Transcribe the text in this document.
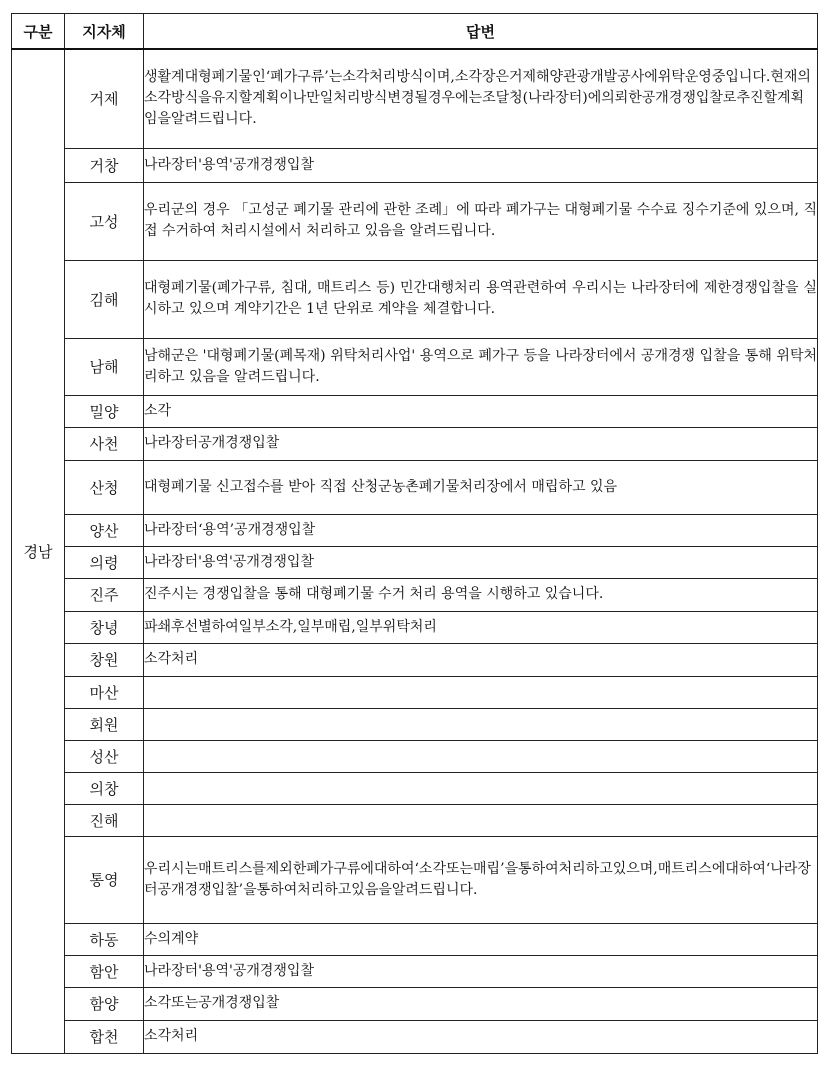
구분	지자체	답변
경남	거제	생활계대형폐기물인‘폐가구류’는소각처리방식이며,소각장은거제해양관광개발공사에위탁운영중입니다.현재의소각방식을유지할계획이나만일처리방식변경될경우에는조달청(나라장터)에의뢰한공개경쟁입찰로추진할계획임을알려드립니다.
	거창	나라장터'용역'공개경쟁입찰
	고성	우리군의 경우 「고성군 폐기물 관리에 관한 조례」에 따라 폐가구는 대형폐기물 수수료 징수기준에 있으며, 직접 수거하여 처리시설에서 처리하고 있음을 알려드립니다.
	김해	대형폐기물(폐가구류, 침대, 매트리스 등) 민간대행처리 용역관련하여 우리시는 나라장터에 제한경쟁입찰을 실시하고 있으며 계약기간은 1년 단위로 계약을 체결합니다.
	남해	남해군은 '대형폐기물(폐목재) 위탁처리사업' 용역으로 폐가구 등을 나라장터에서 공개경쟁 입찰을 통해 위탁처리하고 있음을 알려드립니다.
	밀양	소각
	사천	나라장터공개경쟁입찰
	산청	대형폐기물 신고접수를 받아 직접 산청군농촌폐기물처리장에서 매립하고 있음
	양산	나라장터‘용역’공개경쟁입찰
	의령	나라장터'용역'공개경쟁입찰
	진주	진주시는 경쟁입찰을 통해 대형폐기물 수거 처리 용역을 시행하고 있습니다.
	창녕	파쇄후선별하여일부소각,일부매립,일부위탁처리
	창원	소각처리
	마산	
	회원	
	성산	
	의창	
	진해	
	통영	우리시는매트리스를제외한폐가구류에대하여‘소각또는매립’을통하여처리하고있으며,매트리스에대하여‘나라장터공개경쟁입찰’을통하여처리하고있음을알려드립니다.
	하동	수의계약
	함안	나라장터'용역'공개경쟁입찰
	함양	소각또는공개경쟁입찰
	합천	소각처리
